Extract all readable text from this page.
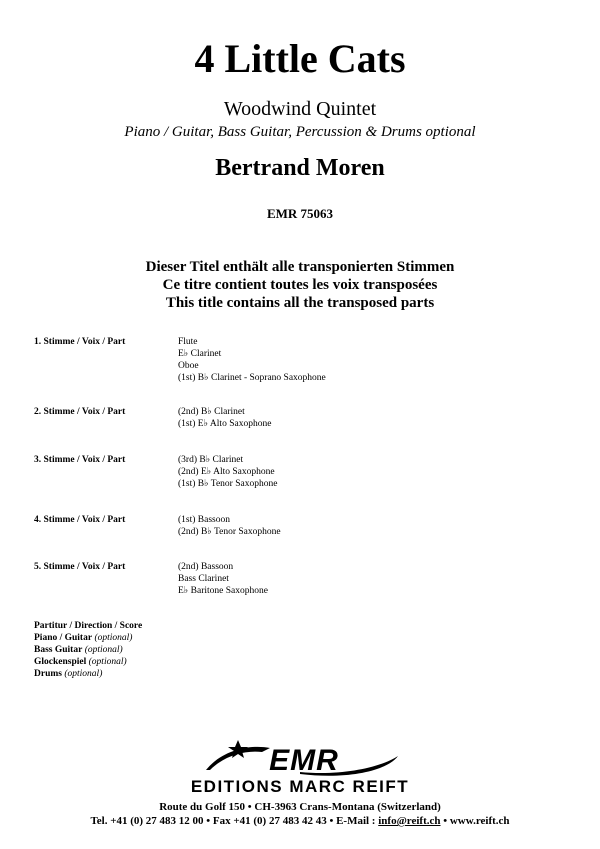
4 Little Cats
Woodwind Quintet
Piano / Guitar, Bass Guitar, Percussion & Drums optional
Bertrand Moren
EMR 75063
Dieser Titel enthält alle transponierten Stimmen
Ce titre contient toutes les voix transposées
This title contains all the transposed parts
1. Stimme / Voix / Part	Flute
E♭ Clarinet
Oboe
(1st) B♭ Clarinet - Soprano Saxophone
2. Stimme / Voix / Part	(2nd) B♭ Clarinet
(1st) E♭ Alto Saxophone
3. Stimme / Voix / Part	(3rd) B♭ Clarinet
(2nd) E♭ Alto Saxophone
(1st) B♭ Tenor Saxophone
4. Stimme / Voix / Part	(1st) Bassoon
(2nd) B♭ Tenor Saxophone
5. Stimme / Voix / Part	(2nd) Bassoon
Bass Clarinet
E♭ Baritone Saxophone
Partitur / Direction / Score
Piano / Guitar (optional)
Bass Guitar (optional)
Glockenspiel (optional)
Drums (optional)
EMR
EDITIONS MARC REIFT
Route du Golf 150 • CH-3963 Crans-Montana (Switzerland)
Tel. +41 (0) 27 483 12 00 • Fax +41 (0) 27 483 42 43 • E-Mail : info@reift.ch • www.reift.ch
